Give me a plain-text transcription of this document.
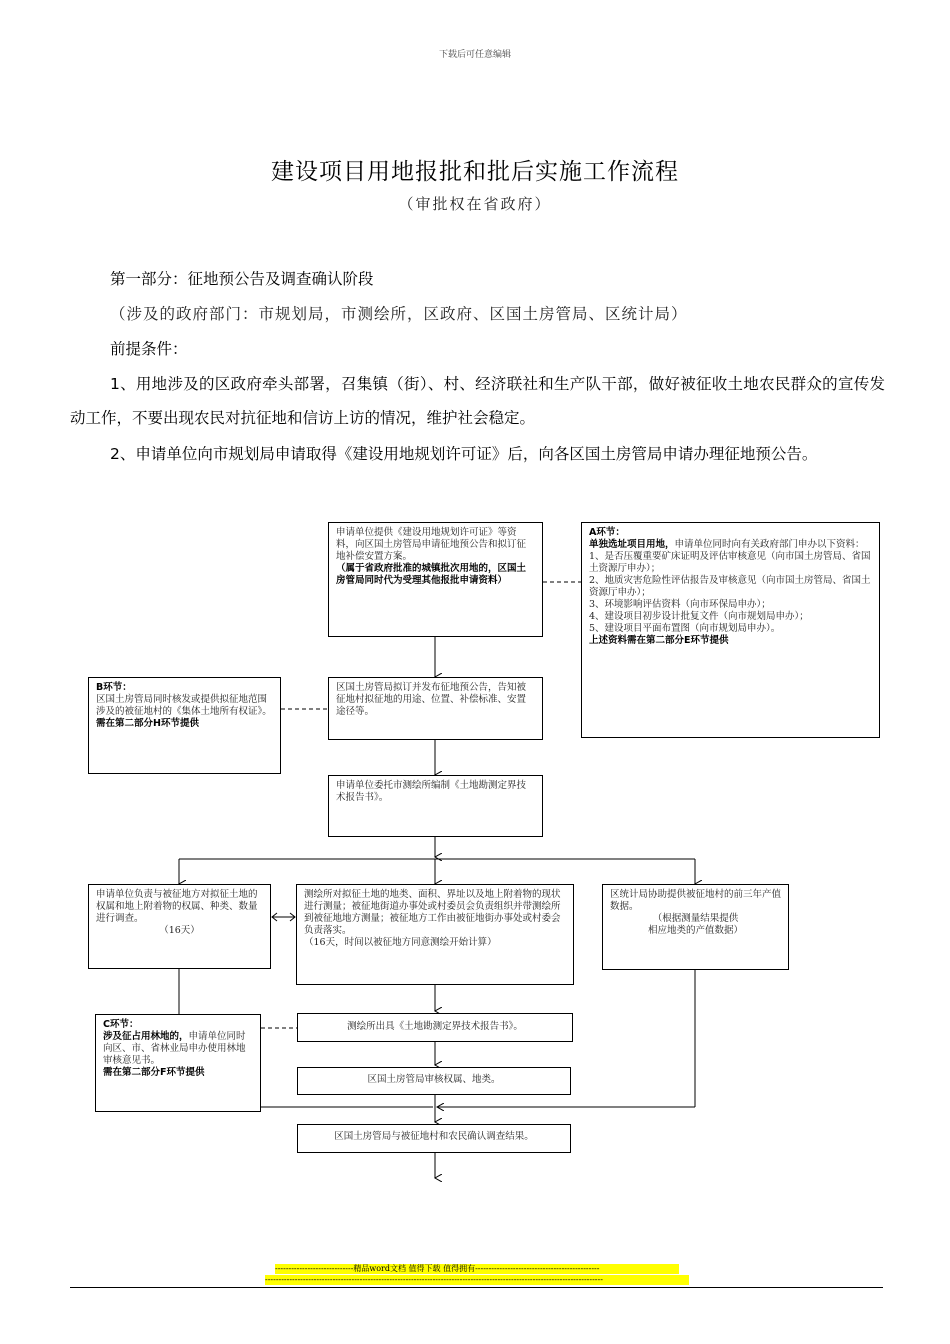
下载后可任意编辑
建设项目用地报批和批后实施工作流程
（审批权在省政府）
第一部分：征地预公告及调查确认阶段
（涉及的政府部门：市规划局，市测绘所，区政府、区国土房管局、区统计局）
前提条件：
1、用地涉及的区政府牵头部署，召集镇（街）、村、经济联社和生产队干部，做好被征收土地农民群众的宣传发动工作，不要出现农民对抗征地和信访上访的情况，维护社会稳定。
2、申请单位向市规划局申请取得《建设用地规划许可证》后，向各区国土房管局申请办理征地预公告。
申请单位提供《建设用地规划许可证》等资料，向区国土房管局申请征地预公告和拟订征地补偿安置方案。
（属于省政府批准的城镇批次用地的，区国土房管局同时代为受理其他报批申请资料）
A环节：
单独选址项目用地，申请单位同时向有关政府部门申办以下资料：
1、是否压覆重要矿床证明及评估审核意见（向市国土房管局、省国土资源厅申办）；
2、地质灾害危险性评估报告及审核意见（向市国土房管局、省国土资源厅申办）；
3、环境影响评估资料（向市环保局申办）；
4、建设项目初步设计批复文件（向市规划局申办）；
5、建设项目平面布置图（向市规划局申办）。
上述资料需在第二部分E环节提供
B环节：
区国土房管局同时核发或提供拟征地范围涉及的被征地村的《集体土地所有权证》。
需在第二部分H环节提供
区国土房管局拟订并发布征地预公告，告知被征地村拟征地的用途、位置、补偿标准、安置途径等。
申请单位委托市测绘所编制《土地勘测定界技术报告书》。
申请单位负责与被征地方对拟征土地的权属和地上附着物的权属、种类、数量进行调查。
（16天）
测绘所对拟征土地的地类、面积、界址以及地上附着物的现状进行测量；被征地街道办事处或村委员会负责组织并带测绘所到被征地地方测量；被征地方工作由被征地街办事处或村委会负责落实。
（16天，时间以被征地方同意测绘开始计算）
区统计局协助提供被征地村的前三年产值数据。
（根据测量结果提供
相应地类的产值数据）
C环节：
涉及征占用林地的，申请单位同时向区、市、省林业局申办使用林地审核意见书。
需在第二部分F环节提供
测绘所出具《土地勘测定界技术报告书》。
区国土房管局审核权属、地类。
区国土房管局与被征地村和农民确认调查结果。
-----------------------------精品word文档 值得下载 值得拥有----------------------------------------------
-----------------------------------------------------------------------------------------------------------------------------
